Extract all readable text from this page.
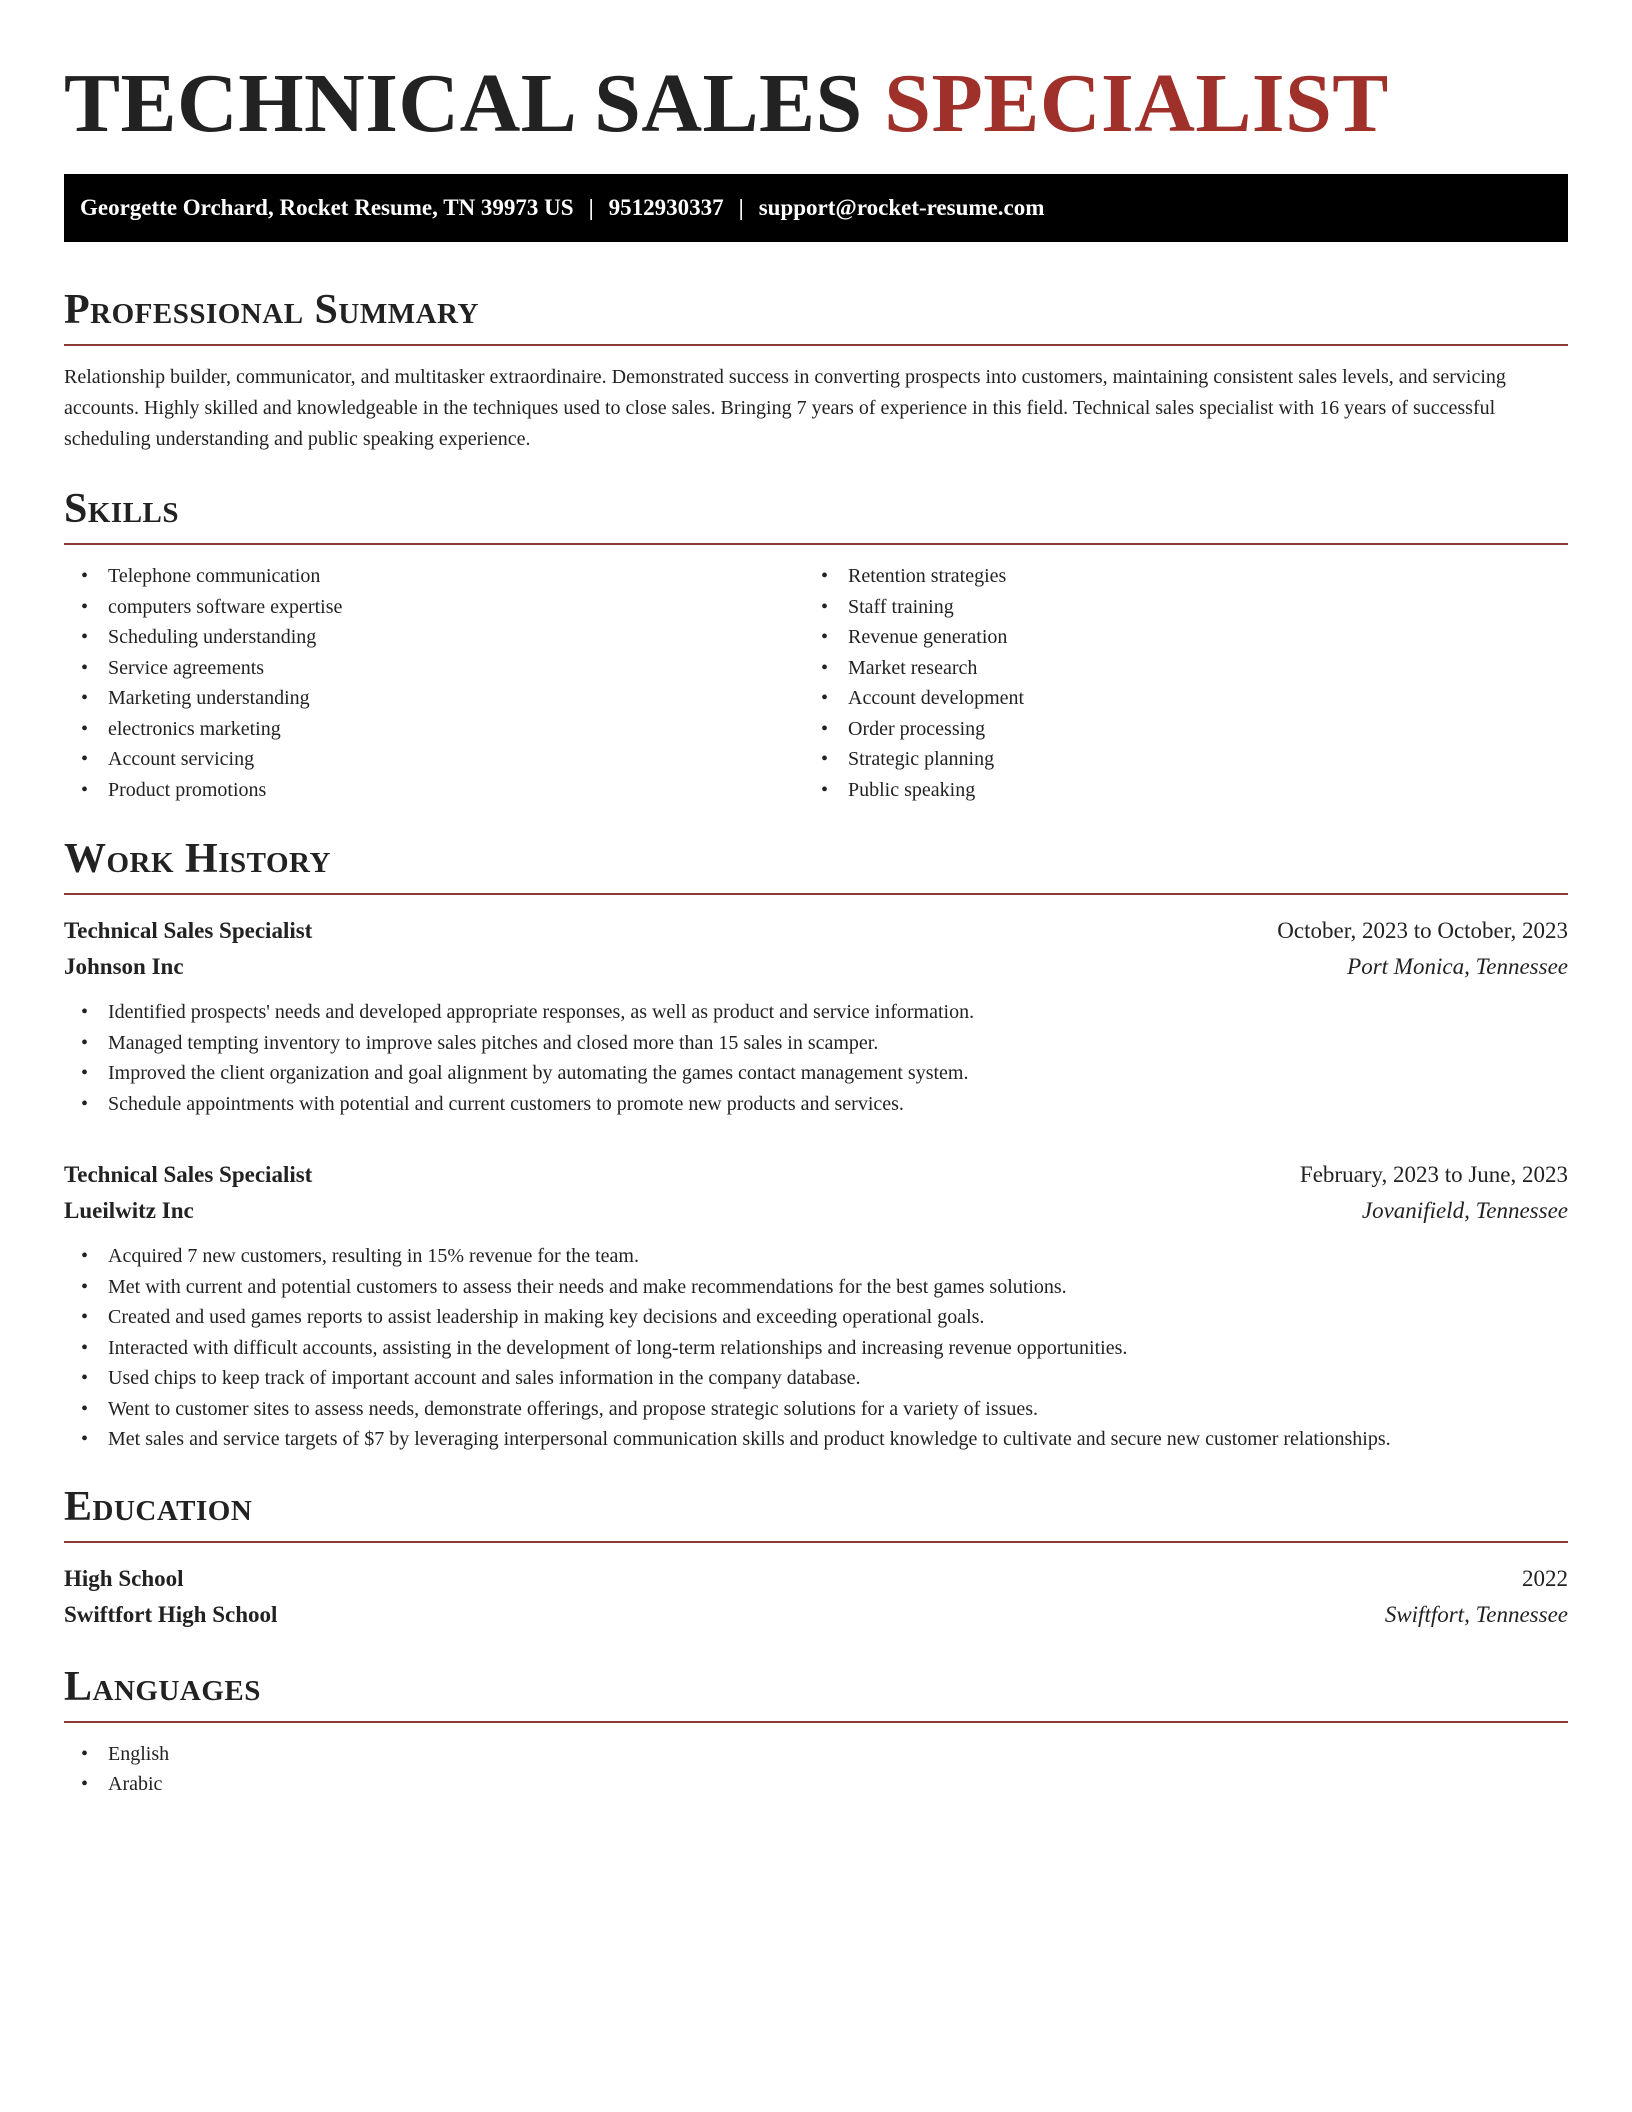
TECHNICAL SALES SPECIALIST
Georgette Orchard, Rocket Resume, TN 39973 US | 9512930337 | support@rocket-resume.com
Professional Summary

Relationship builder, communicator, and multitasker extraordinaire. Demonstrated success in converting prospects into customers, maintaining consistent sales levels, and servicing accounts. Highly skilled and knowledgeable in the techniques used to close sales. Bringing 7 years of experience in this field. Technical sales specialist with 16 years of successful scheduling understanding and public speaking experience.

Skills
• Telephone communication
• computers software expertise
• Scheduling understanding
• Service agreements
• Marketing understanding
• electronics marketing
• Account servicing
• Product promotions
• Retention strategies
• Staff training
• Revenue generation
• Market research
• Account development
• Order processing
• Strategic planning
• Public speaking
Work History
Technical Sales Specialist	October, 2023 to October, 2023
Johnson Inc	Port Monica, Tennessee
• Identified prospects' needs and developed appropriate responses, as well as product and service information.
• Managed tempting inventory to improve sales pitches and closed more than 15 sales in scamper.
• Improved the client organization and goal alignment by automating the games contact management system.
• Schedule appointments with potential and current customers to promote new products and services.
Technical Sales Specialist	February, 2023 to June, 2023
Lueilwitz Inc	Jovanifield, Tennessee
• Acquired 7 new customers, resulting in 15% revenue for the team.
• Met with current and potential customers to assess their needs and make recommendations for the best games solutions.
• Created and used games reports to assist leadership in making key decisions and exceeding operational goals.
• Interacted with difficult accounts, assisting in the development of long-term relationships and increasing revenue opportunities.
• Used chips to keep track of important account and sales information in the company database.
• Went to customer sites to assess needs, demonstrate offerings, and propose strategic solutions for a variety of issues.
• Met sales and service targets of $7 by leveraging interpersonal communication skills and product knowledge to cultivate and secure new customer relationships.
Education
High School	2022
Swiftfort High School	Swiftfort, Tennessee
Languages
• English
• Arabic
